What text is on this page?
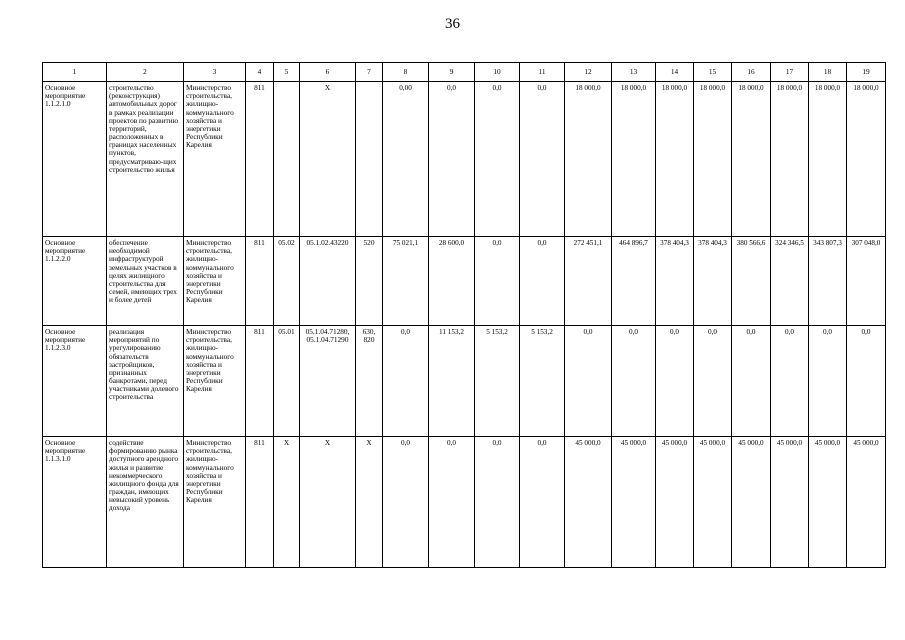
36
1	2	3	4	5	6	7	8	9	10	11	12	13	14	15	16	17	18	19
Основное мероприятие 1.1.2.1.0	строительство (реконструкция) автомобильных дорог в рамках реализации проектов по развитию территорий, расположенных в границах населенных пунктов, предусматриваю-щих строительство жилья	Министерство строительства, жилищно-коммунального хозяйства и энергетики Республики Карелия	811		Х		0,00	0,0	0,0	0,0	18 000,0	18 000,0	18 000,0	18 000,0	18 000,0	18 000,0	18 000,0	18 000,0
Основное мероприятие 1.1.2.2.0	обеспечение необходимой инфраструктурой земельных участков в целях жилищного строительства для семей, имеющих трех и более детей	Министерство строительства, жилищно-коммунального хозяйства и энергетики Республики Карелия	811	05.02	05.1.02.43220	520	75 021,1	28 600,0	0,0	0,0	272 451,1	464 896,7	378 404,3	378 404,3	380 566,6	324 346,5	343 807,3	307 048,0
Основное мероприятие 1.1.2.3.0	реализация мероприятий по урегулированию обязательств застройщиков, признанных банкротами, перед участниками долевого строительства	Министерство строительства, жилищно-коммунального хозяйства и энергетики Республики Карелия	811	05.01	05.1.04.71280, 05.1.04.71290	630, 820	0,0	11 153,2	5 153,2	5 153,2	0,0	0,0	0,0	0,0	0,0	0,0	0,0	0,0
Основное мероприятие 1.1.3.1.0	содействие формированию рынка доступного арендного жилья и развитие некоммерческого жилищного фонда для граждан, имеющих невысокий уровень дохода	Министерство строительства, жилищно-коммунального хозяйства и энергетики Республики Карелия	811	Х	Х	Х	0,0	0,0	0,0	0,0	45 000,0	45 000,0	45 000,0	45 000,0	45 000,0	45 000,0	45 000,0	45 000,0
